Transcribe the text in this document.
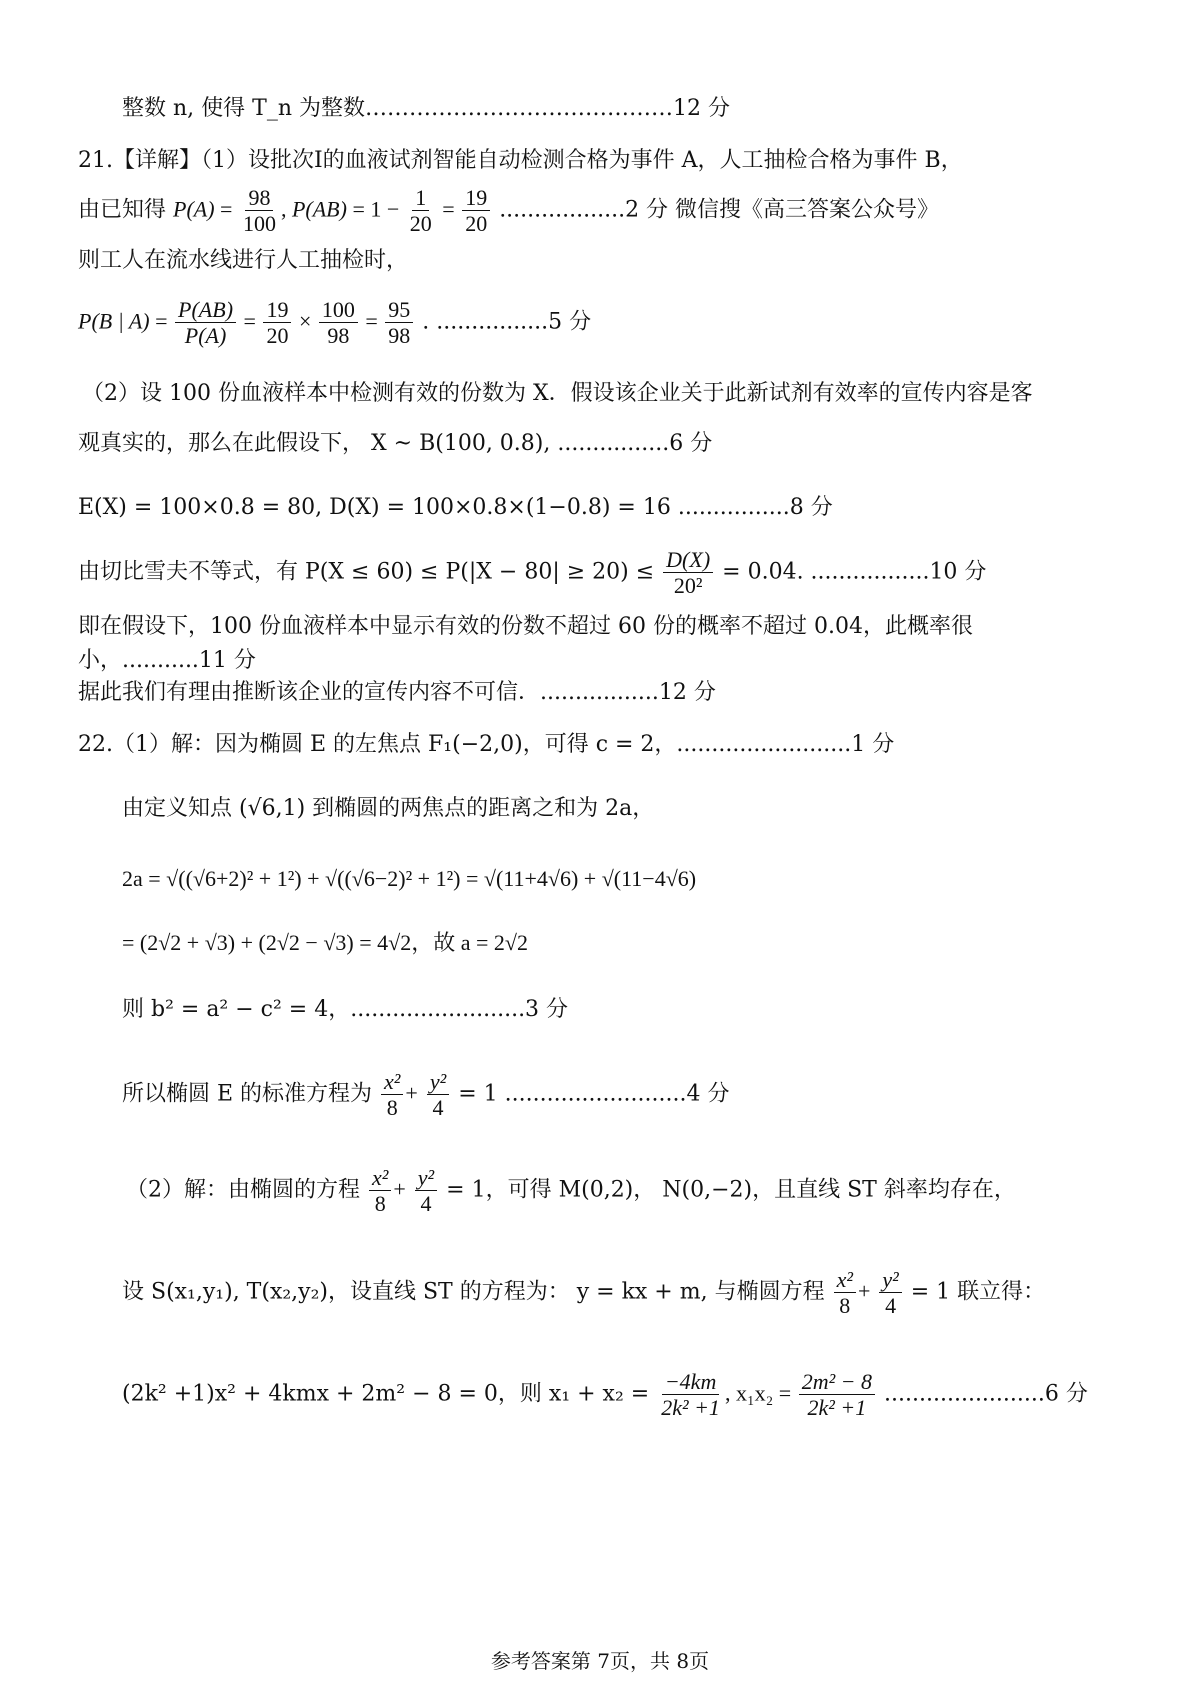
整数 n, 使得 T_n 为整数……………………………………12 分
21.【详解】（1）设批次I的血液试剂智能自动检测合格为事件 A，人工抽检合格为事件 B，
由已知得 $P(A) = \frac{98}{100}$ , $P(AB) = 1 - \frac{1}{20} = \frac{19}{20} ..................2$ 分 微信搜《高三答案公众号》
则工人在流水线进行人工抽检时，
P(B | $A) = \frac{P(AB)}{P(A)} = \frac{19}{20} \times \frac{100}{98} = \frac{95}{98}$ . ................5 分
（2）设 100 份血液样本中检测有效的份数为 X．假设该企业关于此新试剂有效率的宣传内容是客
观真实的，那么在此假设下， X ~ B(100, 0.8), ................6 分
E(X) = 100×0.8 = 80, D(X) = 100×0.8×(1−0.8) = 16 ................8 分
由切比雪夫不等式，有 $P(X \le 60) \le P(|X - 80| \ge 20) \le \frac{D(X)}{\text{20²}} = 0.04$. .................10 分
即在假设下，100 份血液样本中显示有效的份数不超过 60 份的概率不超过 0.04，此概率很
小，...........11 分
据此我们有理由推断该企业的宣传内容不可信．.................12 分
22.（1）解：因为椭圆 E 的左焦点 F₁(−2,0)，可得 c = 2，.........................1 分
由定义知点 (√6,1) 到椭圆的两焦点的距离之和为 2a，
2a = √((√6+2)² + 1²) + √((√6−2)² + 1²) = √(11+4√6) + √(11−4√6)
= (2√2 + √3) + (2√2 − √3) = 4√2，故 a = 2√2
则 b² = a² − c² = 4，.........................3 分
所以椭圆 E 的标准方程为 $\frac{\text{x²}}{8} + \frac{\text{y²}}{4} = 1$ ..........................4 分
（2）解：由椭圆的方程 $\frac{\text{x²}}{8} + \frac{\text{y²}}{4} = 1$，可得 M(0,2)， N(0,−2)，且直线 ST 斜率均存在，
设 S(x₁,y₁), T(x₂,y₂)，设直线 ST 的方程为： y = kx + m, 与椭圆方程 $\frac{\text{x²}}{8} + \frac{\text{y²}}{4} = 1$ 联立得：
(2k² +1)x² + 4kmx + 2m² − 8 = 0，则 $x_1 + x_2 = \frac{-4km}{\text{2k² +1}}$ , $x_1x_2 = \frac{\text{2m² − 8}}{\text{2k² +1}} .......................6$ 分
参考答案第 7页，共 8页
